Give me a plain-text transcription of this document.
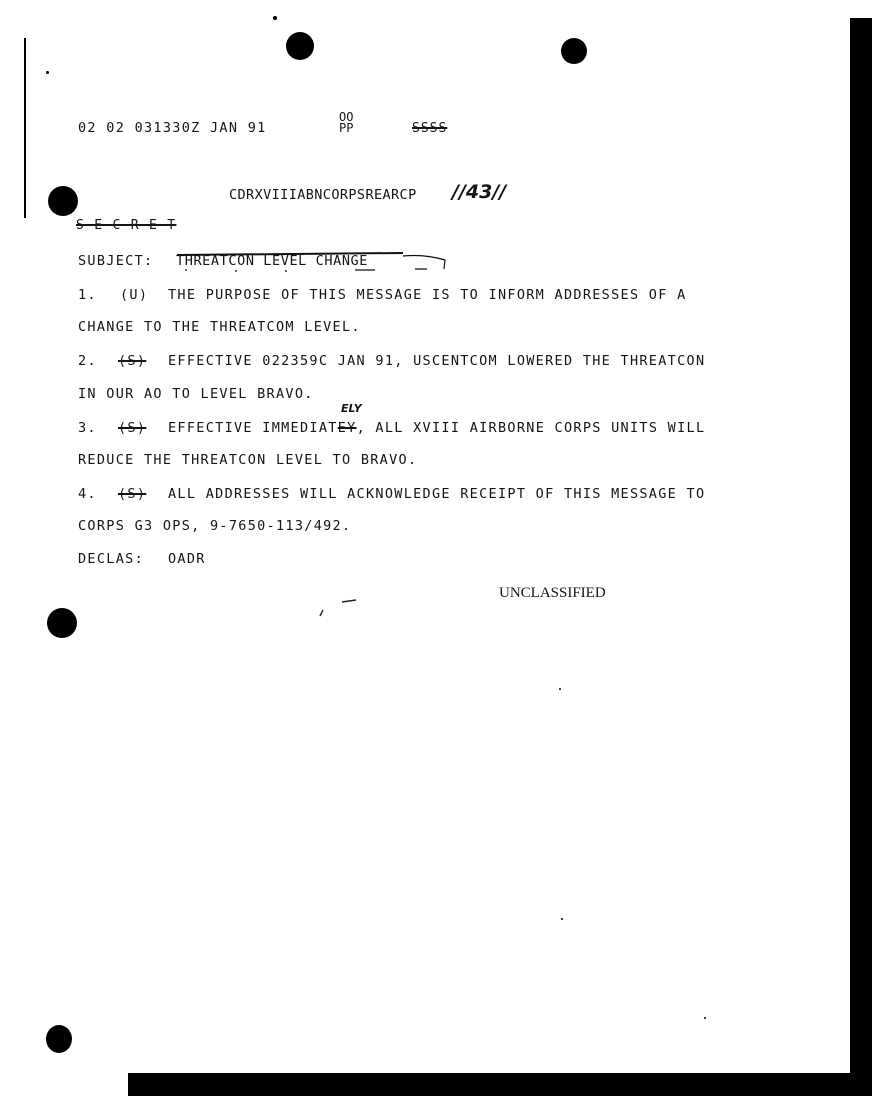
02 02 031330Z JAN 91
OO
PP	SSSS
CDRXVIIIABNCORPSREARCP //43//
S E C R E T
SUBJECT: THREATCON LEVEL CHANGE
1. (U) THE PURPOSE OF THIS MESSAGE IS TO INFORM ADDRESSES OF A
CHANGE TO THE THREATCOM LEVEL.
2. (S) EFFECTIVE 022359C JAN 91, USCENTCOM LOWERED THE THREATCON
IN OUR AO TO LEVEL BRAVO.
ELY
3. (S) EFFECTIVE IMMEDIATEY, ALL XVIII AIRBORNE CORPS UNITS WILL
REDUCE THE THREATCON LEVEL TO BRAVO.
4. (S) ALL ADDRESSES WILL ACKNOWLEDGE RECEIPT OF THIS MESSAGE TO
CORPS G3 OPS, 9-7650-113/492.
DECLAS: OADR
UNCLASSIFIED
